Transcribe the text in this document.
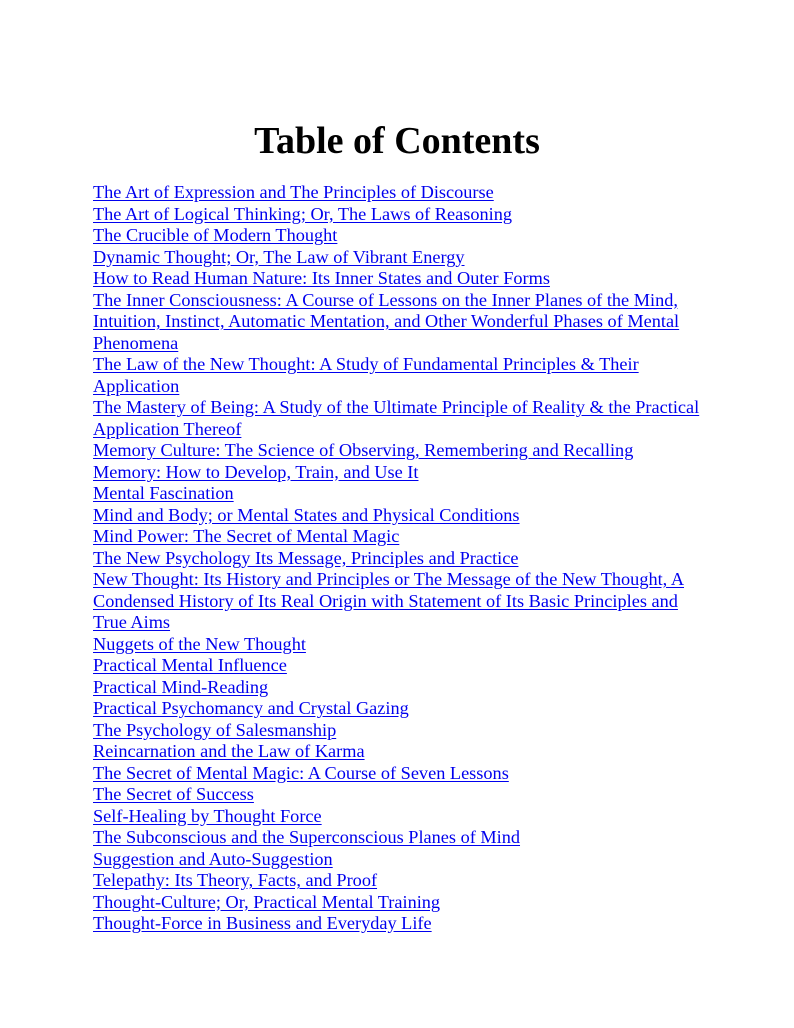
Table of Contents
The Art of Expression and The Principles of Discourse
The Art of Logical Thinking; Or, The Laws of Reasoning
The Crucible of Modern Thought
Dynamic Thought; Or, The Law of Vibrant Energy
How to Read Human Nature: Its Inner States and Outer Forms
The Inner Consciousness: A Course of Lessons on the Inner Planes of the Mind, Intuition, Instinct, Automatic Mentation, and Other Wonderful Phases of Mental Phenomena
The Law of the New Thought: A Study of Fundamental Principles & Their Application
The Mastery of Being: A Study of the Ultimate Principle of Reality & the Practical Application Thereof
Memory Culture: The Science of Observing, Remembering and Recalling
Memory: How to Develop, Train, and Use It
Mental Fascination
Mind and Body; or Mental States and Physical Conditions
Mind Power: The Secret of Mental Magic
The New Psychology Its Message, Principles and Practice
New Thought: Its History and Principles or The Message of the New Thought, A Condensed History of Its Real Origin with Statement of Its Basic Principles and True Aims
Nuggets of the New Thought
Practical Mental Influence
Practical Mind-Reading
Practical Psychomancy and Crystal Gazing
The Psychology of Salesmanship
Reincarnation and the Law of Karma
The Secret of Mental Magic: A Course of Seven Lessons
The Secret of Success
Self-Healing by Thought Force
The Subconscious and the Superconscious Planes of Mind
Suggestion and Auto-Suggestion
Telepathy: Its Theory, Facts, and Proof
Thought-Culture; Or, Practical Mental Training
Thought-Force in Business and Everyday Life
